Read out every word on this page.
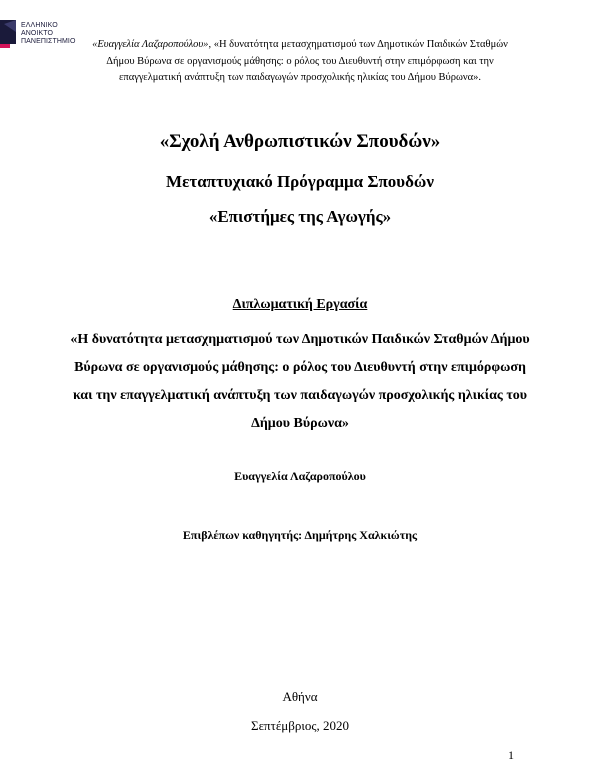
ΕΛΛΗΝΙΚΟ
ΑΝΟΙΚΤΟ
ΠΑΝΕΠΙΣΤΗΜΙΟ	«Ευαγγελία Λαζαροπούλου», «Η δυνατότητα μετασχηματισμού των Δημοτικών Παιδικών Σταθμών Δήμου Βύρωνα σε οργανισμούς μάθησης: ο ρόλος του Διευθυντή στην επιμόρφωση και την επαγγελματική ανάπτυξη των παιδαγωγών προσχολικής ηλικίας του Δήμου Βύρωνα».
«Σχολή Ανθρωπιστικών Σπουδών»
Μεταπτυχιακό Πρόγραμμα Σπουδών
«Επιστήμες της Αγωγής»
Διπλωματική Εργασία
«Η δυνατότητα μετασχηματισμού των Δημοτικών Παιδικών Σταθμών Δήμου Βύρωνα σε οργανισμούς μάθησης: ο ρόλος του Διευθυντή στην επιμόρφωση και την επαγγελματική ανάπτυξη των παιδαγωγών προσχολικής ηλικίας του Δήμου Βύρωνα»
Ευαγγελία Λαζαροπούλου
Επιβλέπων καθηγητής: Δημήτρης Χαλκιώτης
Αθήνα
Σεπτέμβριος, 2020
1
